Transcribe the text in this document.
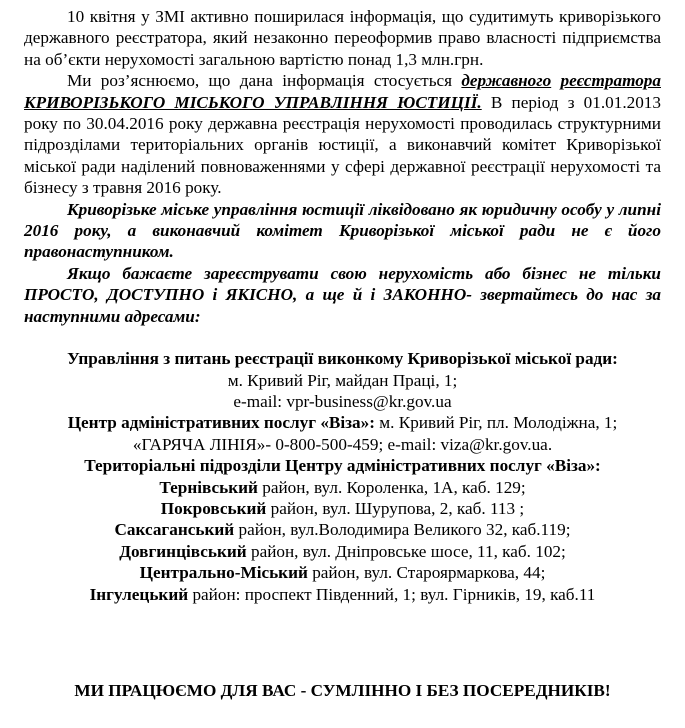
10 квітня у ЗМІ активно поширилася інформація, що судитимуть криворізького державного реєстратора, який незаконно переоформив право власності підприємства на об’єкти нерухомості загальною вартістю понад 1,3 млн.грн.

Ми роз’яснюємо, що дана інформація стосується державного реєстратора КРИВОРІЗЬКОГО МІСЬКОГО УПРАВЛІННЯ ЮСТИЦІЇ. В період з 01.01.2013 року по 30.04.2016 року державна реєстрація нерухомості проводилась структурними підрозділами територіальних органів юстиції, а виконавчий комітет Криворізької міської ради наділений повноваженнями у сфері державної реєстрації нерухомості та бізнесу з травня 2016 року.

Криворізьке міське управління юстиції ліквідовано як юридичну особу у липні 2016 року, а виконавчий комітет Криворізької міської ради не є його правонаступником.

Якщо бажаєте зареєструвати свою нерухомість або бізнес не тільки ПРОСТО, ДОСТУПНО і ЯКІСНО, а ще й і ЗАКОННО- звертайтесь до нас за наступними адресами:

Управління з питань реєстрації виконкому Криворізької міської ради:
м. Кривий Ріг, майдан Праці, 1;
e-mail: vpr-business@kr.gov.ua
Центр адміністративних послуг «Віза»: м. Кривий Ріг, пл. Молодіжна, 1;
«ГАРЯЧА ЛІНІЯ»- 0-800-500-459; e-mail: viza@kr.gov.ua.
Територіальні підрозділи Центру адміністративних послуг «Віза»:
Тернівський район, вул. Короленка, 1А, каб. 129;
Покровський район, вул. Шурупова, 2, каб. 113 ;
Саксаганський район, вул.Володимира Великого 32, каб.119;
Довгинцівський район, вул. Дніпровське шосе, 11, каб. 102;
Центрально-Міський район, вул. Староярмаркова, 44;
Інгулецький район: проспект Південний, 1; вул. Гірників, 19, каб.11
МИ ПРАЦЮЄМО ДЛЯ ВАС - СУМЛІННО І БЕЗ ПОСЕРЕДНИКІВ!
